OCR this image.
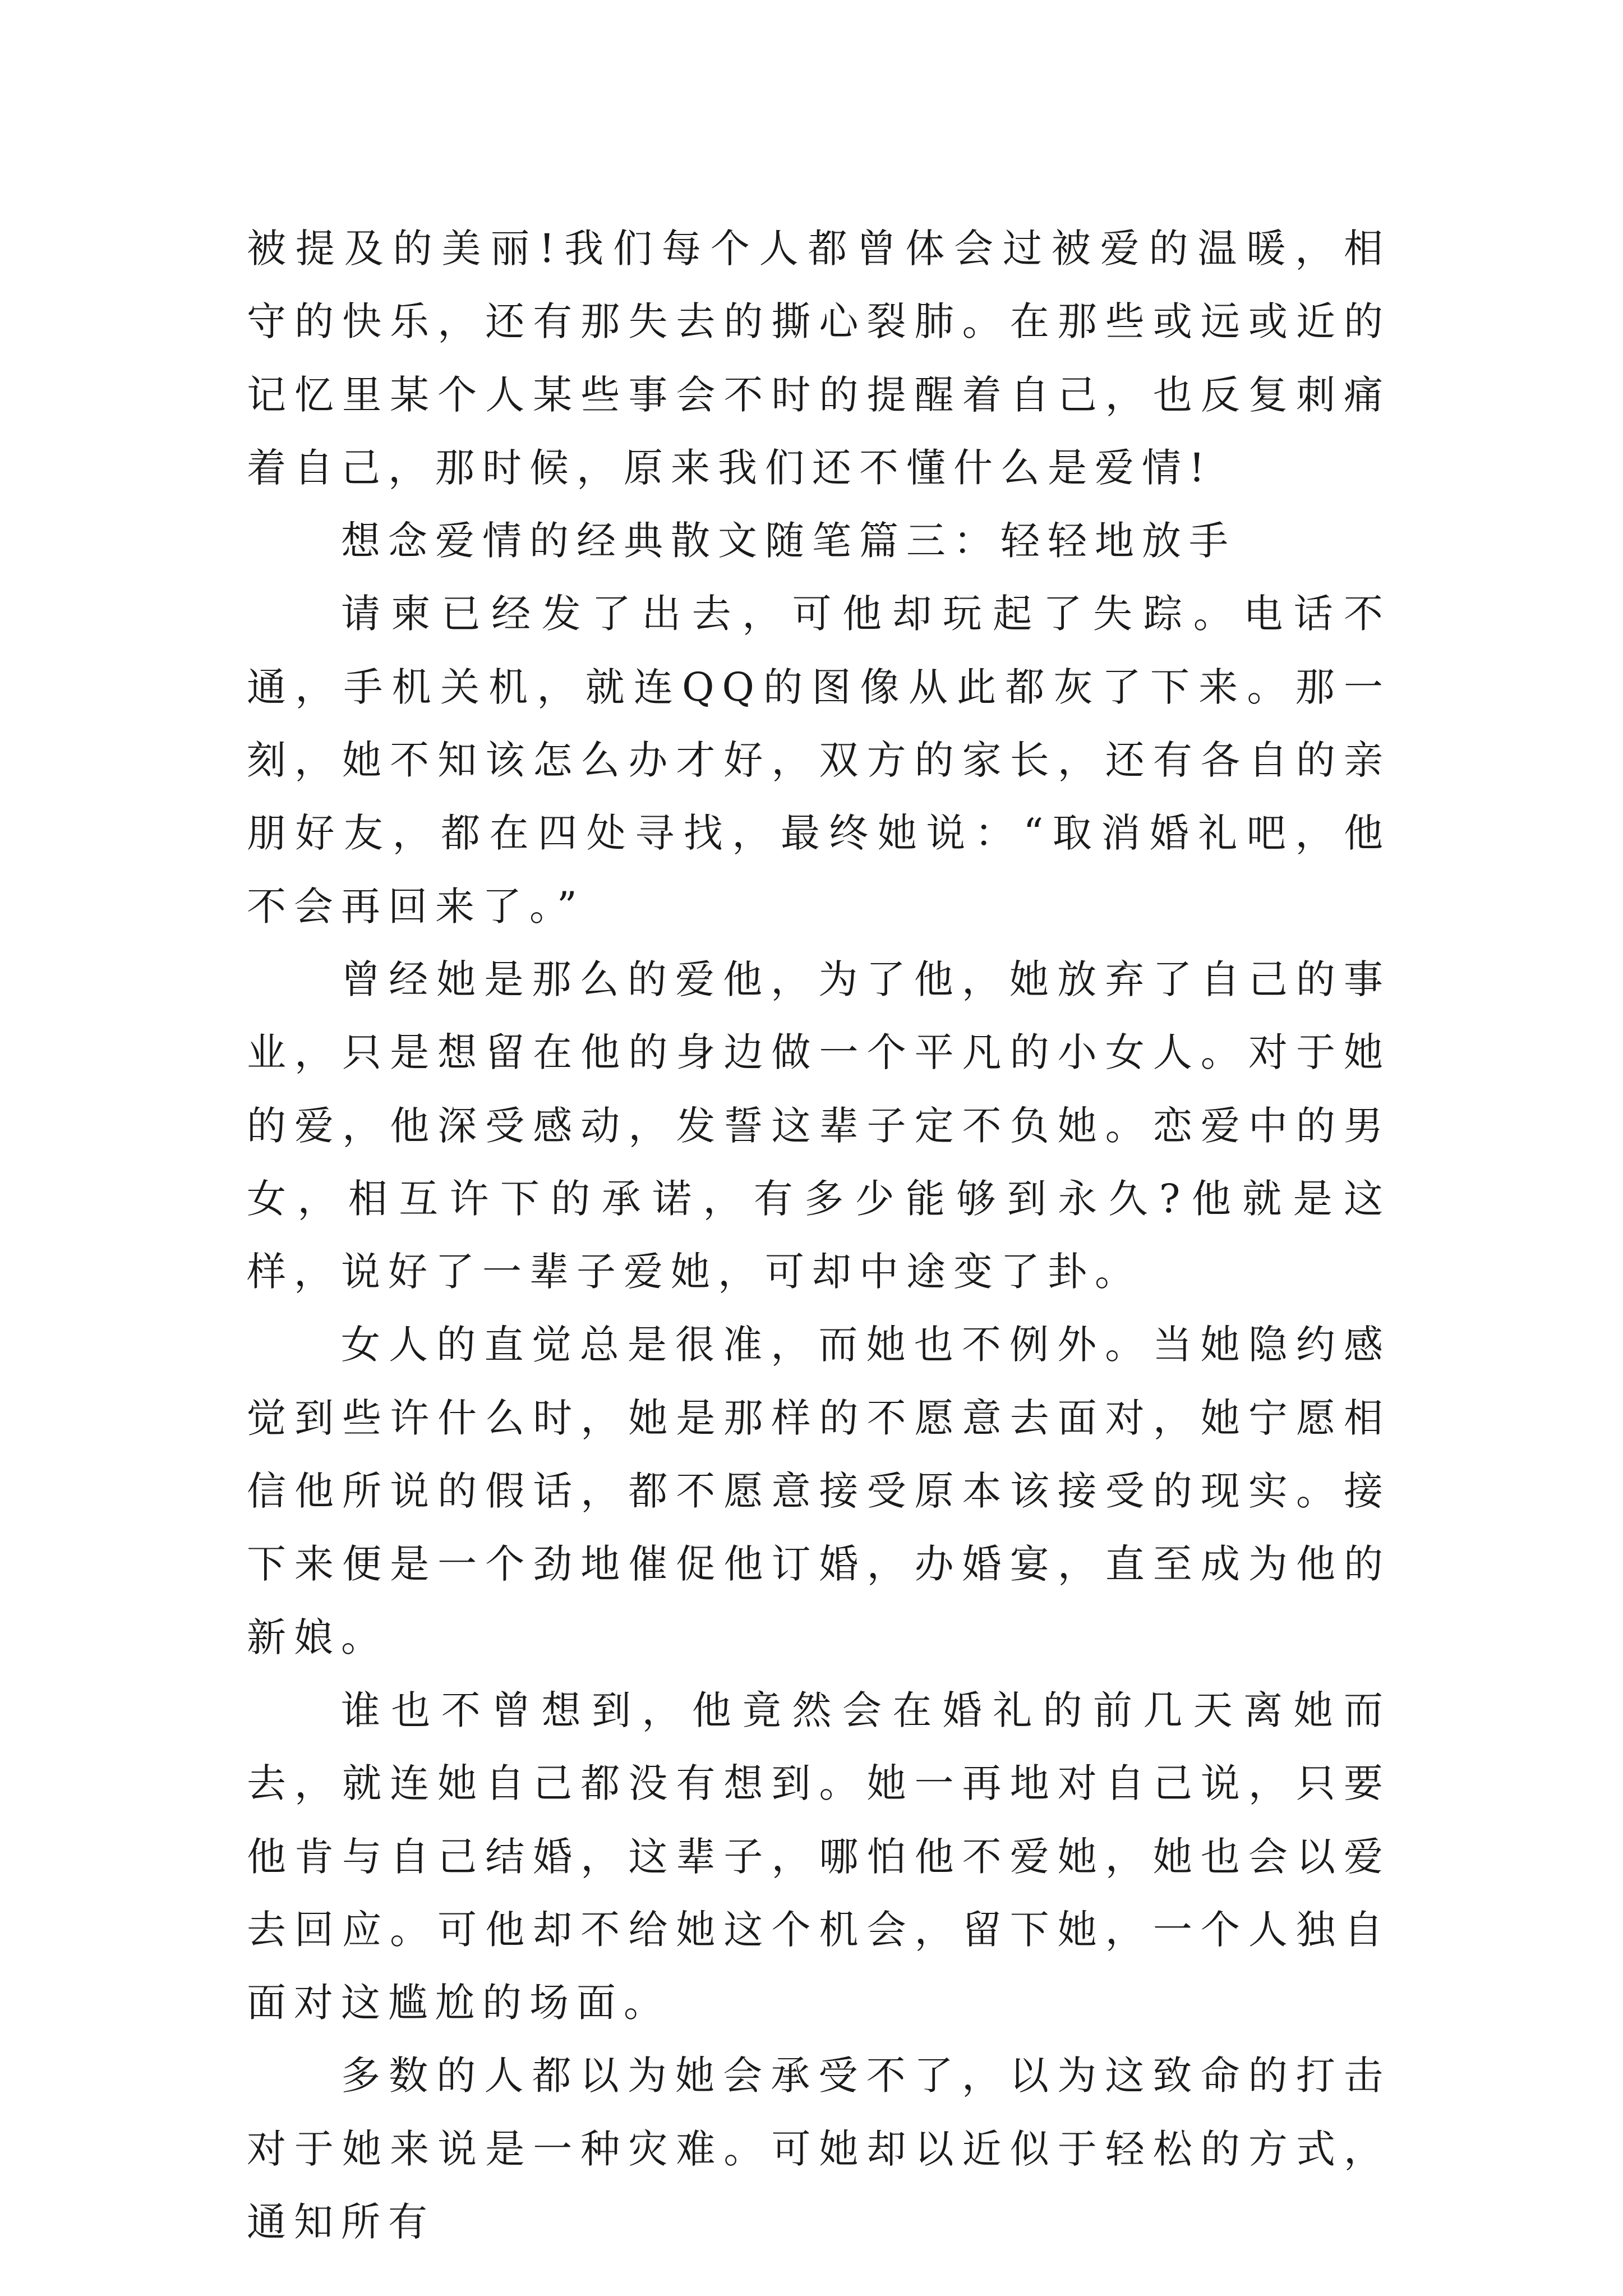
被提及的美丽!我们每个人都曾体会过被爱的温暖，相守的快乐，还有那失去的撕心裂肺。在那些或远或近的记忆里某个人某些事会不时的提醒着自己，也反复刺痛着自己，那时候，原来我们还不懂什么是爱情!

想念爱情的经典散文随笔篇三：轻轻地放手

请柬已经发了出去，可他却玩起了失踪。电话不通，手机关机，就连QQ的图像从此都灰了下来。那一刻，她不知该怎么办才好，双方的家长，还有各自的亲朋好友，都在四处寻找，最终她说：“取消婚礼吧，他不会再回来了。”

曾经她是那么的爱他，为了他，她放弃了自己的事业，只是想留在他的身边做一个平凡的小女人。对于她的爱，他深受感动，发誓这辈子定不负她。恋爱中的男女，相互许下的承诺，有多少能够到永久?他就是这样，说好了一辈子爱她，可却中途变了卦。

女人的直觉总是很准，而她也不例外。当她隐约感觉到些许什么时，她是那样的不愿意去面对，她宁愿相信他所说的假话，都不愿意接受原本该接受的现实。接下来便是一个劲地催促他订婚，办婚宴，直至成为他的新娘。

谁也不曾想到，他竟然会在婚礼的前几天离她而去，就连她自己都没有想到。她一再地对自己说，只要他肯与自己结婚，这辈子，哪怕他不爱她，她也会以爱去回应。可他却不给她这个机会，留下她，一个人独自面对这尴尬的场面。

多数的人都以为她会承受不了，以为这致命的打击对于她来说是一种灾难。可她却以近似于轻松的方式，通知所有
